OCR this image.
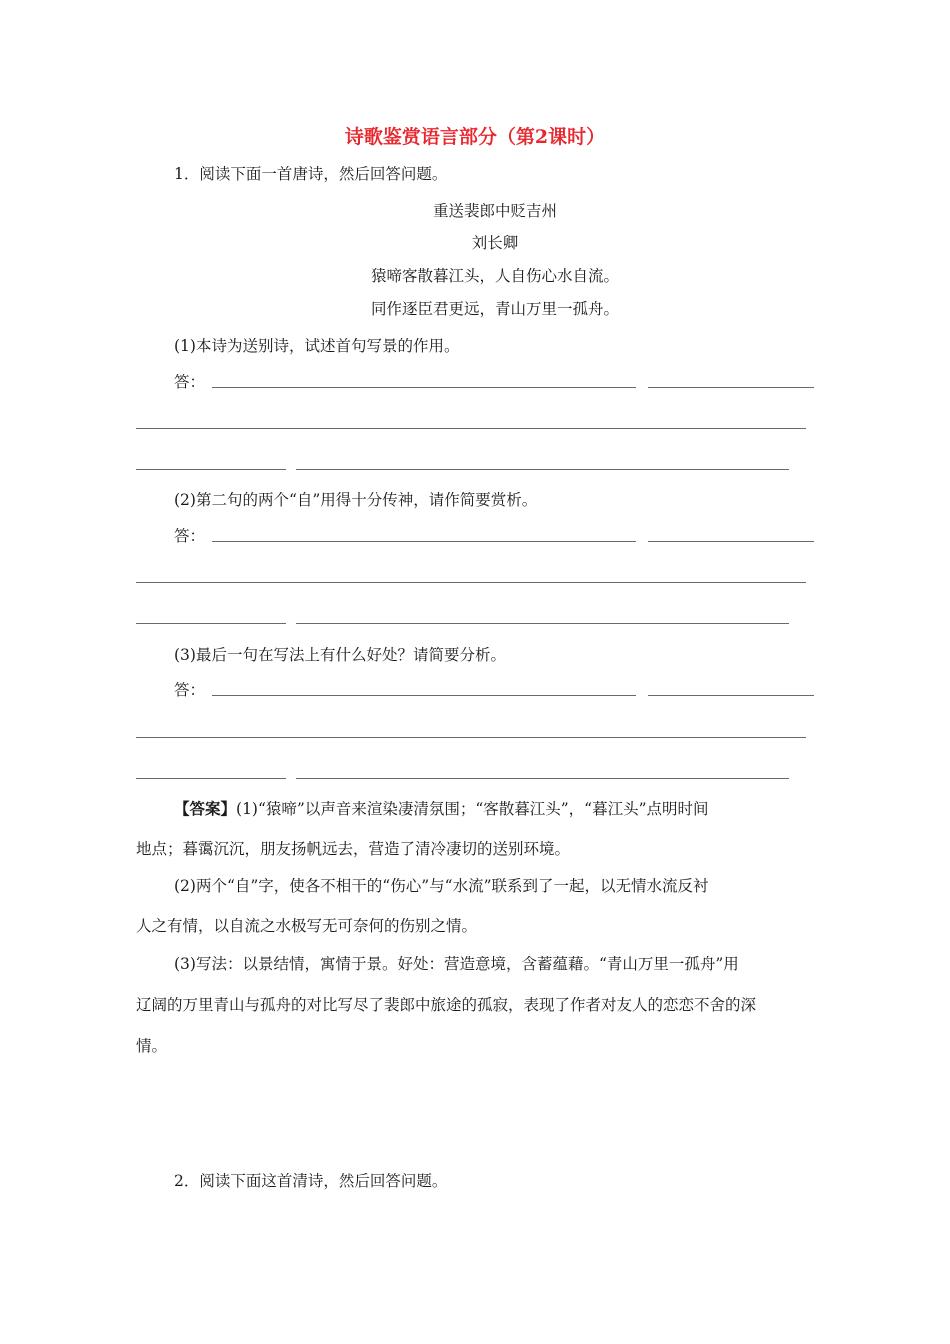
诗歌鉴赏语言部分（第2课时）
1．阅读下面一首唐诗，然后回答问题。
重送裴郎中贬吉州
刘长卿
猿啼客散暮江头，人自伤心水自流。
同作逐臣君更远，青山万里一孤舟。
(1)本诗为送别诗，试述首句写景的作用。
答：
(2)第二句的两个“自”用得十分传神，请作简要赏析。
答：
(3)最后一句在写法上有什么好处？请简要分析。
答：
【答案】(1)“猿啼”以声音来渲染凄清氛围；“客散暮江头”，“暮江头”点明时间
地点；暮霭沉沉，朋友扬帆远去，营造了清冷凄切的送别环境。
(2)两个“自”字，使各不相干的“伤心”与“水流”联系到了一起，以无情水流反衬
人之有情，以自流之水极写无可奈何的伤别之情。
(3)写法：以景结情，寓情于景。好处：营造意境，含蓄蕴藉。“青山万里一孤舟”用
辽阔的万里青山与孤舟的对比写尽了裴郎中旅途的孤寂，表现了作者对友人的恋恋不舍的深
情。
2．阅读下面这首清诗，然后回答问题。
